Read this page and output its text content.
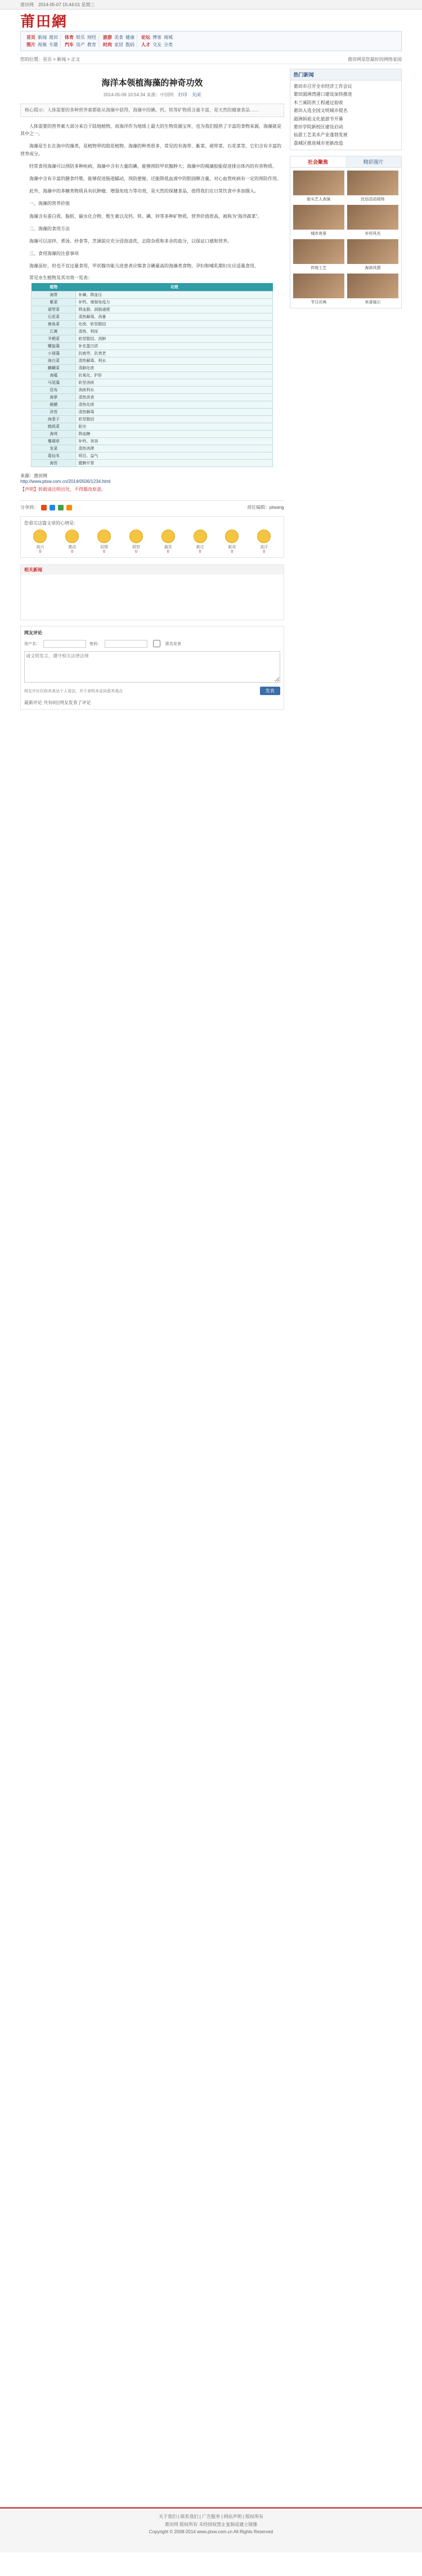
莆田网 2014-05-07 15:44:01 星期三
莆田網
首页 新闻 莆田
图片 视频 专题
体育 娱乐 财经
汽车 房产 教育
旅游 美食 健康
时尚 家居 数码
论坛 博客 商城
人才 交友 分类
您的位置：首页 > 新闻 > 正文	莆田网是您最好的网络家园
海洋本领植海藻的神奇功效
2014-05-06 10:54:34 来源：中国网 打印 关闭
核心提示：人体需要的多种营养素都能从海藻中获得，海藻中的碘、钙、铁等矿物质含量丰富，是天然的健康食品……

人体需要的营养素大部分来自于陆地植物，而海洋作为地球上最大的生物资源宝库，也为我们提供了丰富的食物来源，海藻就是其中之一。

海藻是生长在海中的藻类，是植物界的隐花植物。海藻的种类很多，常见的有海带、紫菜、裙带菜、石花菜等，它们含有丰富的营养成分。

经常食用海藻可以预防多种疾病，海藻中含有大量的碘，能够预防甲状腺肿大；海藻中的褐藻胶能促进排出体内的有害物质。

海藻中含有丰富的膳食纤维，能够促进肠道蠕动，预防便秘，还能降低血液中的胆固醇含量，对心血管疾病有一定的预防作用。

此外，海藻中的多糖类物质具有抗肿瘤、增强免疫力等功效，是天然的保健食品，值得我们在日常饮食中多加摄入。

一、海藻的营养价值

海藻含有蛋白质、脂肪、碳水化合物、维生素以及钙、铁、碘、锌等多种矿物质，营养价值很高，被称为“海洋蔬菜”。

二、海藻的食用方法

海藻可以凉拌、煮汤、炒食等，烹调前应充分浸泡清洗，去除杂质和多余的盐分，以保证口感和营养。

三、食用海藻的注意事项

海藻虽好，但也不宜过量食用，甲状腺功能亢进患者应慎食含碘量高的海藻类食物，孕妇和哺乳期妇女应适量食用。

常见水生植物及其功效一览表：
植物	功效
海带	补碘、降血压
紫菜	补钙、增强免疫力
裙带菜	降血脂、润肠通便
石花菜	清热解毒、消暑
鹿角菜	化痰、软坚散结
江蓠	清热、利尿
羊栖菜	软坚散结、消肿
螺旋藻	补充蛋白质
小球藻	抗疲劳、抗衰老
海白菜	清热解毒、利水
麒麟菜	清肺化痰
海蕴	抗氧化、护肝
马尾藻	软坚消痰
昆布	消痰利水
海萝	清热消食
礁膜	清热化痰
浒苔	清热解毒
海黍子	软坚散结
鹧鸪菜	驱虫
海茸	降血糖
珊瑚草	补钙、美容
发菜	清热消滞
葛仙米	明目、益气
海苔	健脾开胃
来源：莆田网
http://www.ptxw.com.cn/2014/0506/1234.html
【声明】转载请注明出处，不得篡改原意。
分享到：	责任编辑：ptwang
您看完这篇文章的心情是：
高兴
0
感动
0
同情
0
愤怒
0
搞笑
0
难过
0
新奇
0
流汗
0
相关新闻
网友评论
用户名：	密码：	匿名发表
请文明发言，遵守相关法律法规
网友评论仅供其表达个人看法，并不表明本站同意其观点	发表
最新评论 共有0位网友发表了评论
热门新闻
莆田市召开全市经济工作会议
莆田湄洲湾港口建设加快推进
木兰溪防洪工程通过验收
莆田入选全国文明城市提名
湄洲妈祖文化旅游节开幕
莆田学院新校区建设启动
仙游工艺美术产业蓬勃发展
荔城区推进城市更新改造
社会聚焦	精彩图片
街头艺人表演	民俗活动现场
城市夜景	乡村风光
传统工艺	海滨风情
节日庆典	美食展示
关于我们 | 联系我们 | 广告服务 | 网站声明 | 版权所有
莆田网 版权所有 未经授权禁止复制或建立镜像
Copyright © 2008-2014 www.ptxw.com.cn All Rights Reserved
